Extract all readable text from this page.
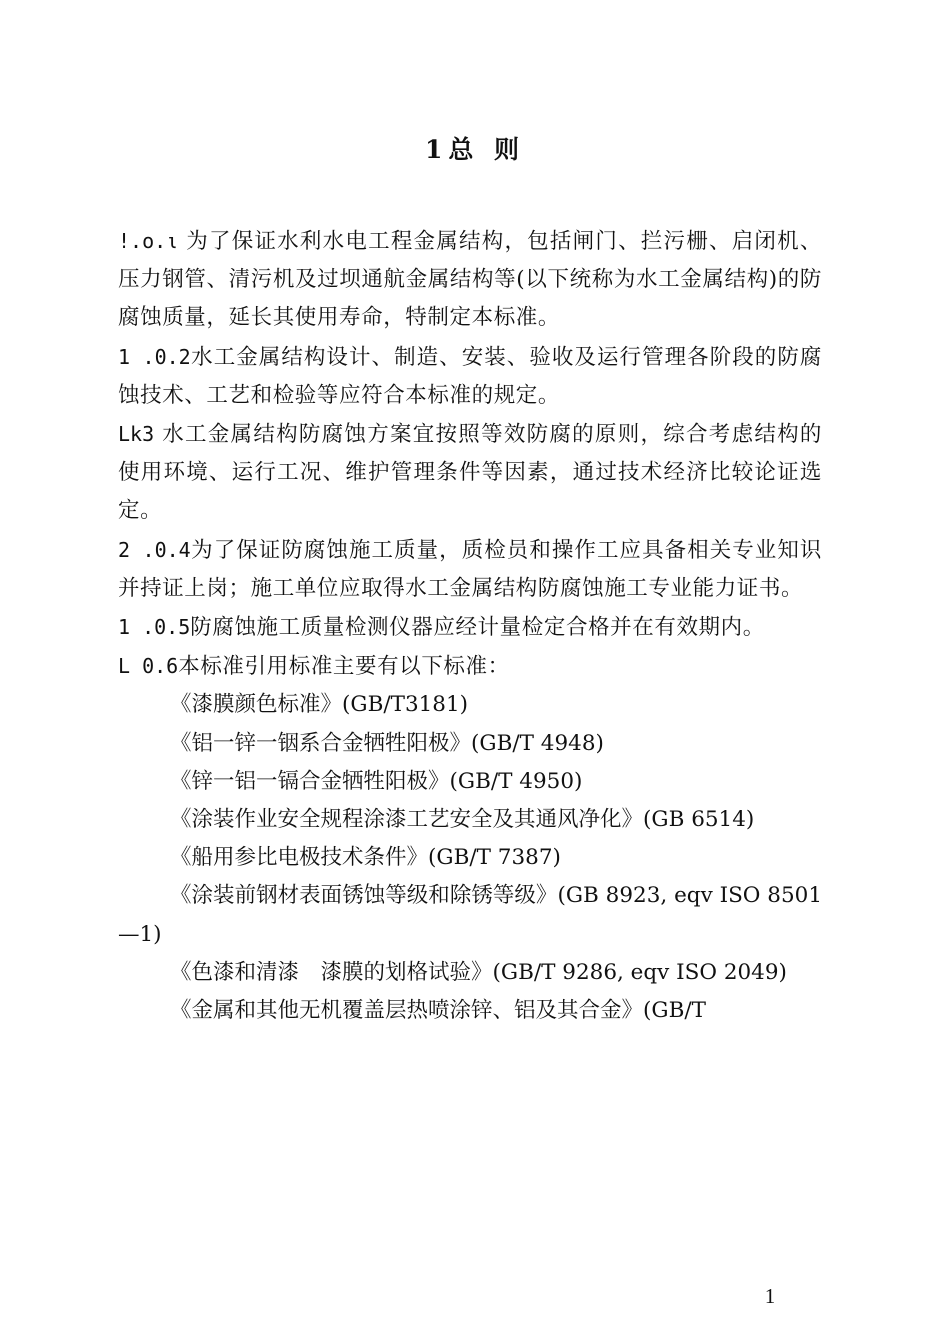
1总 则

!.o.ι 为了保证水利水电工程金属结构，包括闸门、拦污栅、启闭机、压力钢管、清污机及过坝通航金属结构等(以下统称为水工金属结构)的防腐蚀质量，延长其使用寿命，特制定本标准。

1 .0.2水工金属结构设计、制造、安装、验收及运行管理各阶段的防腐蚀技术、工艺和检验等应符合本标准的规定。

Lk3 水工金属结构防腐蚀方案宜按照等效防腐的原则，综合考虑结构的使用环境、运行工况、维护管理条件等因素，通过技术经济比较论证选定。

2 .0.4为了保证防腐蚀施工质量，质检员和操作工应具备相关专业知识并持证上岗；施工单位应取得水工金属结构防腐蚀施工专业能力证书。

1 .0.5防腐蚀施工质量检测仪器应经计量检定合格并在有效期内。

L 0.6本标准引用标准主要有以下标准：

《漆膜颜色标准》(GB/T3181)

《铝一锌一铟系合金牺牲阳极》(GB/T 4948)

《锌一铝一镉合金牺牲阳极》(GB/T 4950)

《涂装作业安全规程涂漆工艺安全及其通风净化》(GB 6514)

《船用参比电极技术条件》(GB/T 7387)

《涂装前钢材表面锈蚀等级和除锈等级》(GB 8923, eqv ISO 8501—1)

《色漆和清漆　漆膜的划格试验》(GB/T 9286, eqv ISO 2049)

《金属和其他无机覆盖层热喷涂锌、铝及其合金》(GB/T

1
